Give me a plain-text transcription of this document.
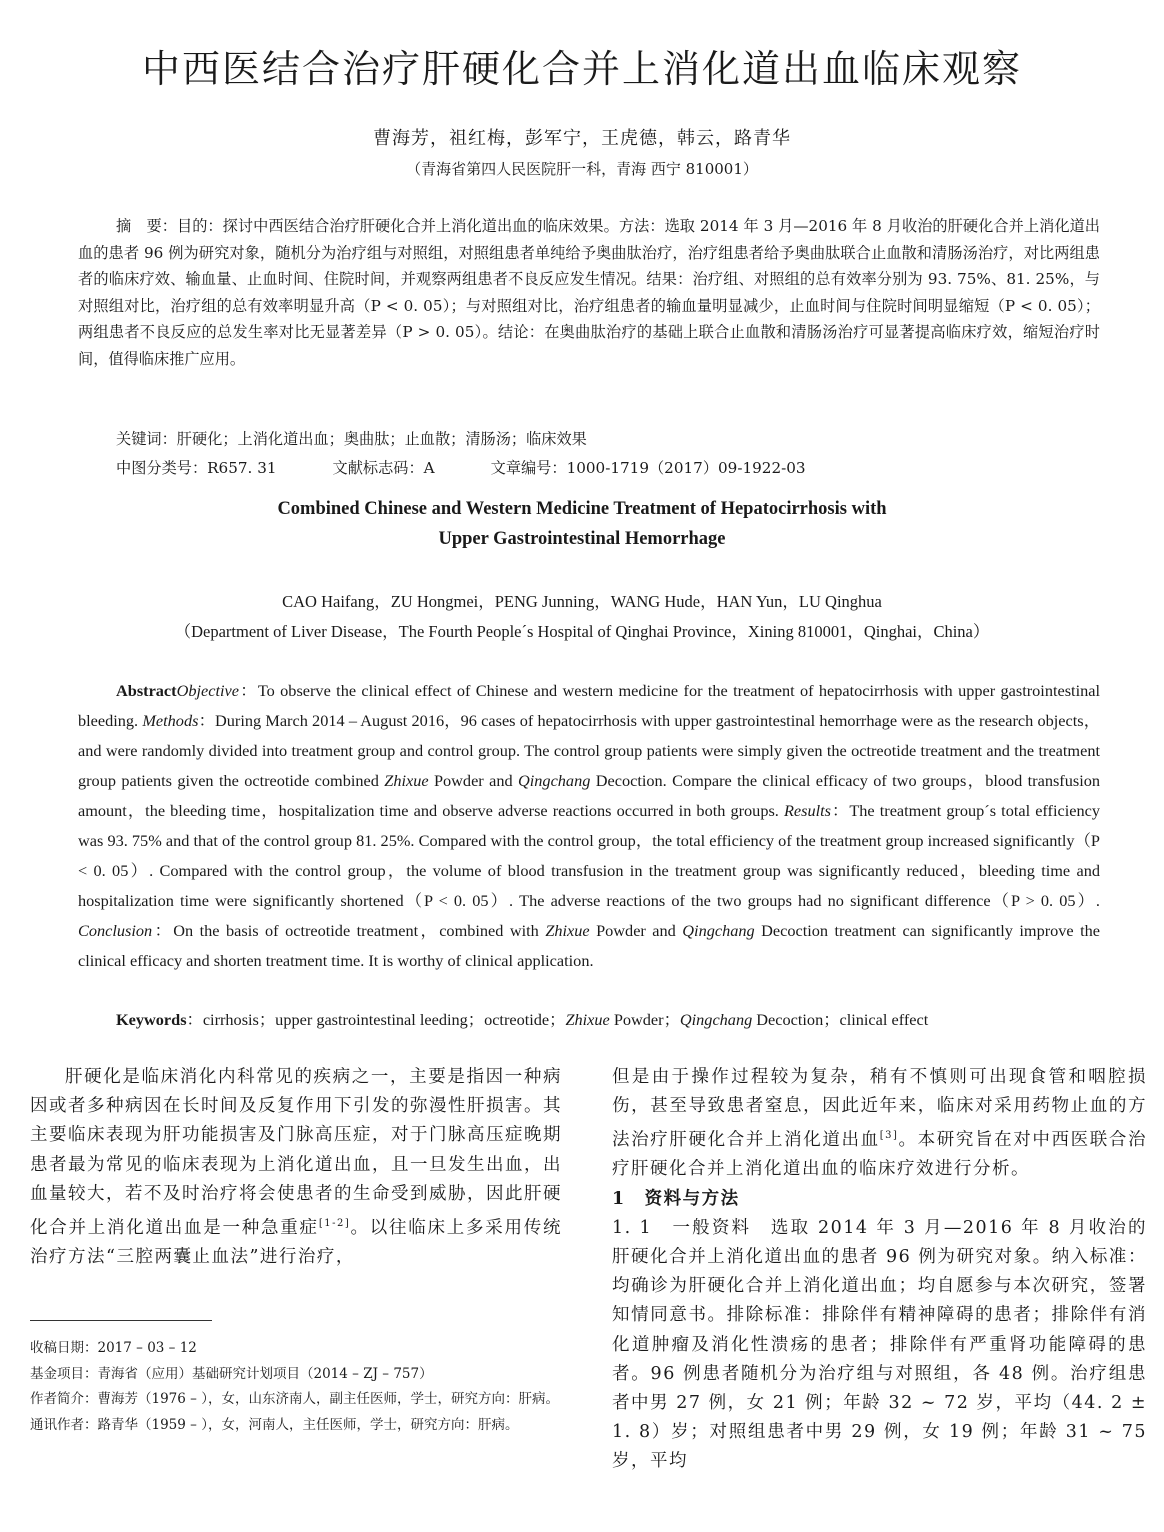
中西医结合治疗肝硬化合并上消化道出血临床观察
曹海芳，祖红梅，彭军宁，王虎德，韩云，路青华
（青海省第四人民医院肝一科，青海 西宁 810001）

摘　要：目的：探讨中西医结合治疗肝硬化合并上消化道出血的临床效果。方法：选取 2014 年 3 月—2016 年 8 月收治的肝硬化合并上消化道出血的患者 96 例为研究对象，随机分为治疗组与对照组，对照组患者单纯给予奥曲肽治疗，治疗组患者给予奥曲肽联合止血散和清肠汤治疗，对比两组患者的临床疗效、输血量、止血时间、住院时间，并观察两组患者不良反应发生情况。结果：治疗组、对照组的总有效率分别为 93. 75%、81. 25%，与对照组对比，治疗组的总有效率明显升高（P < 0. 05）；与对照组对比，治疗组患者的输血量明显减少，止血时间与住院时间明显缩短（P < 0. 05）；两组患者不良反应的总发生率对比无显著差异（P > 0. 05）。结论：在奥曲肽治疗的基础上联合止血散和清肠汤治疗可显著提高临床疗效，缩短治疗时间，值得临床推广应用。

关键词：肝硬化；上消化道出血；奥曲肽；止血散；清肠汤；临床效果
中图分类号：R657. 31	文献标志码：A	文章编号：1000-1719（2017）09-1922-03
Combined Chinese and Western Medicine Treatment of Hepatocirrhosis with
Upper Gastrointestinal Hemorrhage
CAO Haifang，ZU Hongmei，PENG Junning，WANG Hude，HAN Yun，LU Qinghua
（Department of Liver Disease，The Fourth People´s Hospital of Qinghai Province，Xining 810001，Qinghai，China）

AbstractObjective：To observe the clinical effect of Chinese and western medicine for the treatment of hepatocirrhosis with upper gastrointestinal bleeding. Methods：During March 2014 – August 2016，96 cases of hepatocirrhosis with upper gastrointestinal hemorrhage were as the research objects，and were randomly divided into treatment group and control group. The control group patients were simply given the octreotide treatment and the treatment group patients given the octreotide combined Zhixue Powder and Qingchang Decoction. Compare the clinical efficacy of two groups，blood transfusion amount，the bleeding time，hospitalization time and observe adverse reactions occurred in both groups. Results：The treatment group´s total efficiency was 93. 75% and that of the control group 81. 25%. Compared with the control group，the total efficiency of the treatment group increased significantly（P < 0. 05）. Compared with the control group，the volume of blood transfusion in the treatment group was significantly reduced，bleeding time and hospitalization time were significantly shortened（P < 0. 05）. The adverse reactions of the two groups had no significant difference（P > 0. 05）. Conclusion：On the basis of octreotide treatment，combined with Zhixue Powder and Qingchang Decoction treatment can significantly improve the clinical efficacy and shorten treatment time. It is worthy of clinical application.

Keywords：cirrhosis；upper gastrointestinal leeding；octreotide；Zhixue Powder；Qingchang Decoction；clinical effect

肝硬化是临床消化内科常见的疾病之一，主要是指因一种病因或者多种病因在长时间及反复作用下引发的弥漫性肝损害。其主要临床表现为肝功能损害及门脉高压症，对于门脉高压症晚期患者最为常见的临床表现为上消化道出血，且一旦发生出血，出血量较大，若不及时治疗将会使患者的生命受到威胁，因此肝硬化合并上消化道出血是一种急重症[1-2]。以往临床上多采用传统治疗方法“三腔两囊止血法”进行治疗，

收稿日期：2017 – 03 – 12
基金项目：青海省（应用）基础研究计划项目（2014 – ZJ – 757）
作者简介：曹海芳（1976 – ），女，山东济南人，副主任医师，学士，研究方向：肝病。
通讯作者：路青华（1959 – ），女，河南人，主任医师，学士，研究方向：肝病。

但是由于操作过程较为复杂，稍有不慎则可出现食管和咽腔损伤，甚至导致患者窒息，因此近年来，临床对采用药物止血的方法治疗肝硬化合并上消化道出血[3]。本研究旨在对中西医联合治疗肝硬化合并上消化道出血的临床疗效进行分析。

1　资料与方法

1. 1　一般资料　选取 2014 年 3 月—2016 年 8 月收治的肝硬化合并上消化道出血的患者 96 例为研究对象。纳入标准：均确诊为肝硬化合并上消化道出血；均自愿参与本次研究，签署知情同意书。排除标准：排除伴有精神障碍的患者；排除伴有消化道肿瘤及消化性溃疡的患者；排除伴有严重肾功能障碍的患者。96 例患者随机分为治疗组与对照组，各 48 例。治疗组患者中男 27 例，女 21 例；年龄 32 ~ 72 岁，平均（44. 2 ± 1. 8）岁；对照组患者中男 29 例，女 19 例；年龄 31 ~ 75 岁，平均
